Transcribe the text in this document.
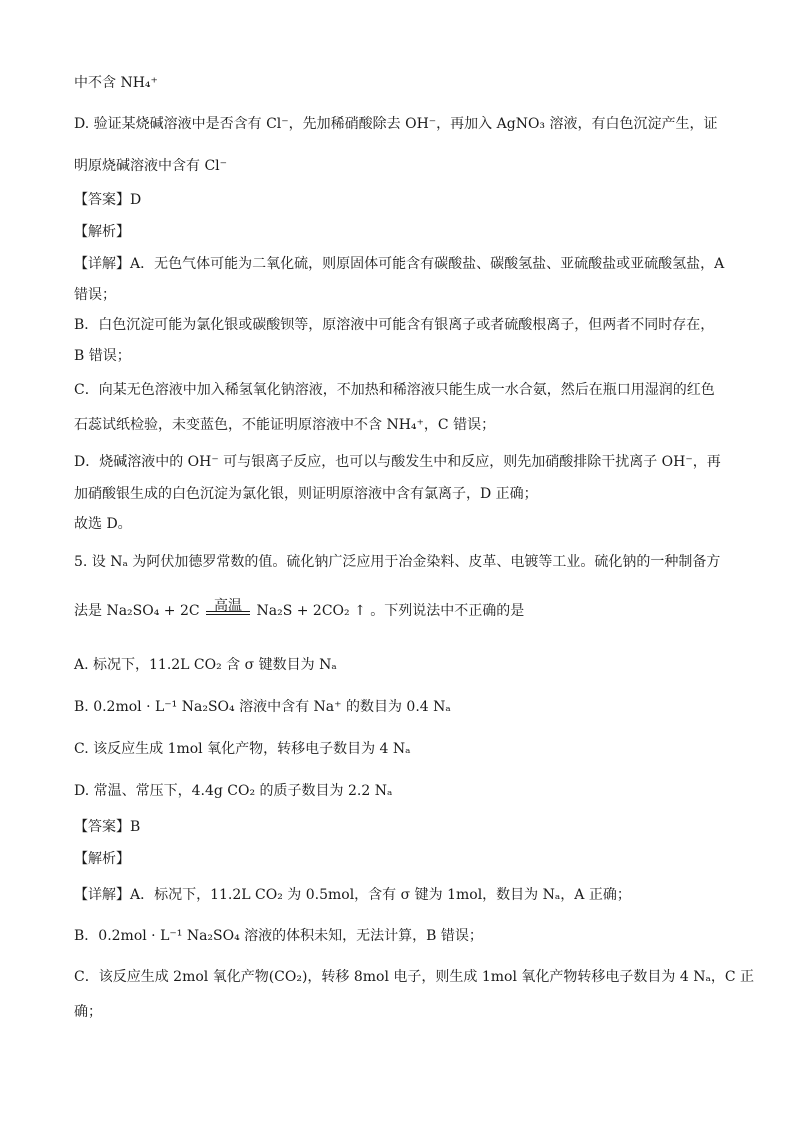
中不含 NH₄⁺
D. 验证某烧碱溶液中是否含有 Cl⁻，先加稀硝酸除去 OH⁻，再加入 AgNO₃ 溶液，有白色沉淀产生，证
明原烧碱溶液中含有 Cl⁻
【答案】D
【解析】
【详解】A．无色气体可能为二氧化硫，则原固体可能含有碳酸盐、碳酸氢盐、亚硫酸盐或亚硫酸氢盐，A
错误；
B．白色沉淀可能为氯化银或碳酸钡等，原溶液中可能含有银离子或者硫酸根离子，但两者不同时存在，
B 错误；
C．向某无色溶液中加入稀氢氧化钠溶液，不加热和稀溶液只能生成一水合氨，然后在瓶口用湿润的红色
石蕊试纸检验，未变蓝色，不能证明原溶液中不含 NH₄⁺，C 错误；
D．烧碱溶液中的 OH⁻ 可与银离子反应，也可以与酸发生中和反应，则先加硝酸排除干扰离子 OH⁻，再
加硝酸银生成的白色沉淀为氯化银，则证明原溶液中含有氯离子，D 正确；
故选 D。
5. 设 Nₐ 为阿伏加德罗常数的值。硫化钠广泛应用于冶金染料、皮革、电镀等工业。硫化钠的一种制备方
法是 Na₂SO₄ + 2C	高温	Na₂S + 2CO₂ ↑ 。下列说法中不正确的是
A. 标况下，11.2L CO₂ 含 σ 键数目为 Nₐ
B. 0.2mol · L⁻¹ Na₂SO₄ 溶液中含有 Na⁺ 的数目为 0.4 Nₐ
C. 该反应生成 1mol 氧化产物，转移电子数目为 4 Nₐ
D. 常温、常压下，4.4g CO₂ 的质子数目为 2.2 Nₐ
【答案】B
【解析】
【详解】A．标况下，11.2L CO₂ 为 0.5mol，含有 σ 键为 1mol，数目为 Nₐ，A 正确；
B．0.2mol · L⁻¹ Na₂SO₄ 溶液的体积未知，无法计算，B 错误；
C．该反应生成 2mol 氧化产物(CO₂)，转移 8mol 电子，则生成 1mol 氧化产物转移电子数目为 4 Nₐ，C 正
确；
